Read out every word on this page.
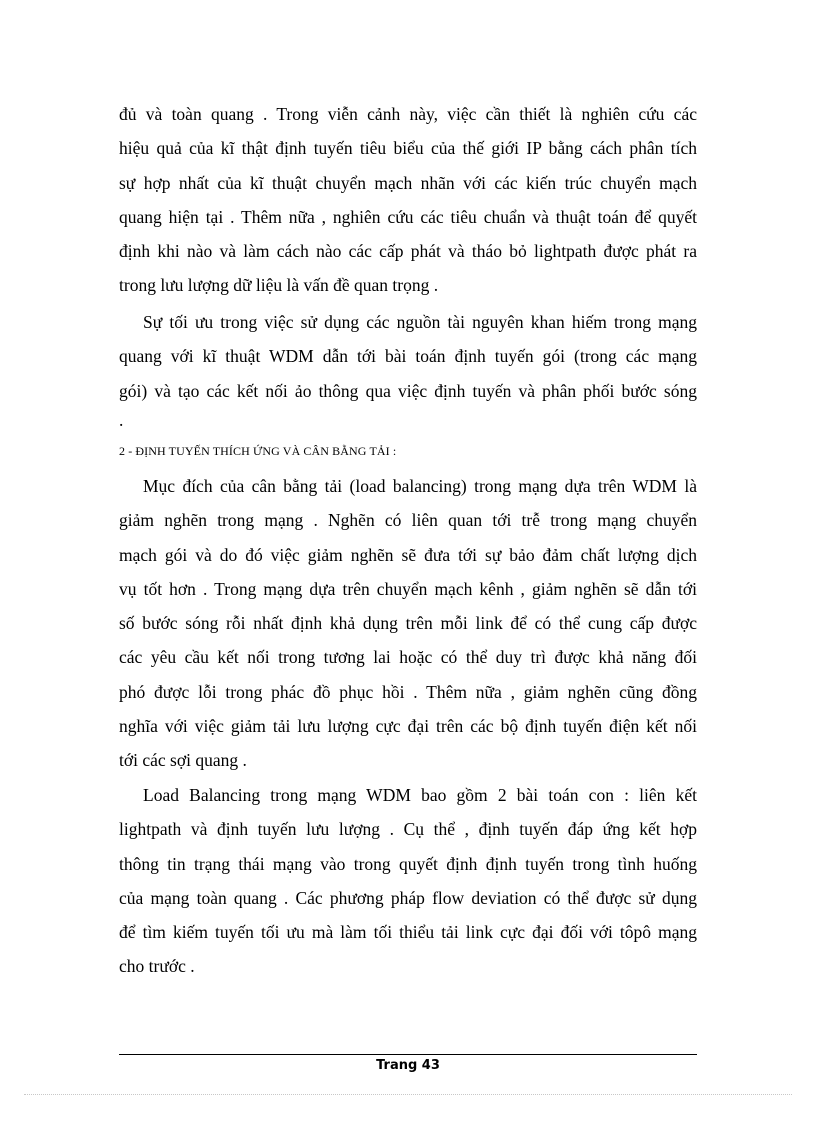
đủ và toàn quang . Trong viễn cảnh này, việc cần thiết là nghiên cứu các
hiệu quả của kĩ thật định tuyến tiêu biểu của thế giới IP bằng cách phân tích
sự hợp nhất của kĩ thuật chuyển mạch nhãn với các kiến trúc chuyển mạch
quang hiện tại . Thêm nữa , nghiên cứu các tiêu chuẩn và thuật toán để quyết
định khi nào và làm cách nào các cấp phát và tháo bỏ lightpath được phát ra
trong lưu lượng dữ liệu là vấn đề quan trọng .
Sự tối ưu trong việc sử dụng các nguồn tài nguyên khan hiếm trong mạng
quang với kĩ thuật WDM dẫn tới bài toán định tuyến gói (trong các mạng
gói) và tạo các kết nối ảo thông qua việc định tuyến và phân phối bước sóng
.
2 - ĐỊNH TUYẾN THÍCH ỨNG VÀ CÂN BẰNG TẢI :
Mục đích của cân bằng tải (load balancing) trong mạng dựa trên WDM là
giảm nghẽn trong mạng . Nghẽn có liên quan tới trễ trong mạng chuyển
mạch gói và do đó việc giảm nghẽn sẽ đưa tới sự bảo đảm chất lượng dịch
vụ tốt hơn . Trong mạng dựa trên chuyển mạch kênh , giảm nghẽn sẽ dẫn tới
số bước sóng rỗi nhất định khả dụng trên mỗi link để có thể cung cấp được
các yêu cầu kết nối trong tương lai hoặc có thể duy trì được khả năng đối
phó được lỗi trong phác đồ phục hồi . Thêm nữa , giảm nghẽn cũng đồng
nghĩa với việc giảm tải lưu lượng cực đại trên các bộ định tuyến điện kết nối
tới các sợi quang .
Load Balancing trong mạng WDM bao gồm 2 bài toán con : liên kết
lightpath và định tuyến lưu lượng . Cụ thể , định tuyến đáp ứng kết hợp
thông tin trạng thái mạng vào trong quyết định định tuyến trong tình huống
của mạng toàn quang . Các phương pháp flow deviation có thể được sử dụng
để tìm kiếm tuyến tối ưu mà làm tối thiểu tải link cực đại đối với tôpô mạng
cho trước .
Trang 43
